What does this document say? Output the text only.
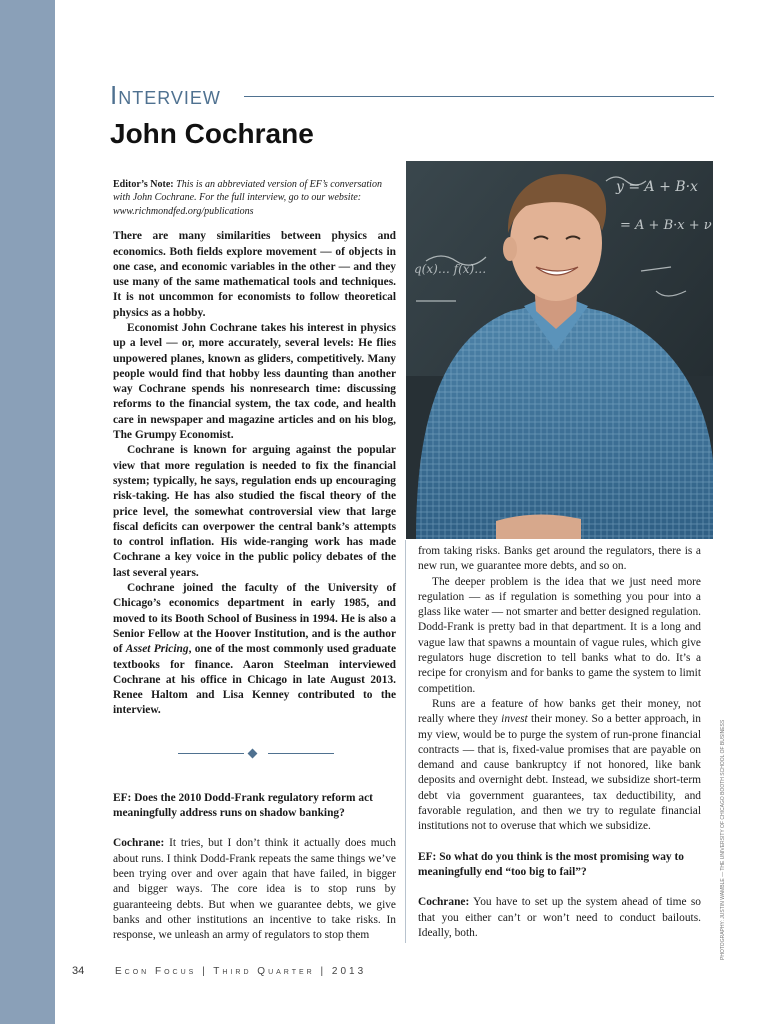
Interview
John Cochrane

Editor’s Note: This is an abbreviated version of EF’s conversation with John Cochrane. For the full interview, go to our website: www.richmondfed.org/publications

There are many similarities between physics and economics. Both fields explore movement — of objects in one case, and economic variables in the other — and they use many of the same mathematical tools and techniques. It is not uncommon for economists to follow theoretical physics as a hobby.

Economist John Cochrane takes his interest in physics up a level — or, more accurately, several levels: He flies unpowered planes, known as gliders, competitively. Many people would find that hobby less daunting than another way Cochrane spends his nonresearch time: discussing reforms to the financial system, the tax code, and health care in newspaper and magazine articles and on his blog, The Grumpy Economist.

Cochrane is known for arguing against the popular view that more regulation is needed to fix the financial system; typically, he says, regulation ends up encouraging risk-taking. He has also studied the fiscal theory of the price level, the somewhat controversial view that large fiscal deficits can overpower the central bank’s attempts to control inflation. His wide-ranging work has made Cochrane a key voice in the public policy debates of the last several years.

Cochrane joined the faculty of the University of Chicago’s economics department in early 1985, and moved to its Booth School of Business in 1994. He is also a Senior Fellow at the Hoover Institution, and is the author of Asset Pricing, one of the most commonly used graduate textbooks for finance. Aaron Steelman interviewed Cochrane at his office in Chicago in late August 2013. Renee Haltom and Lisa Kenney contributed to the interview.

EF: Does the 2010 Dodd-Frank regulatory reform act meaningfully address runs on shadow banking?

Cochrane: It tries, but I don’t think it actually does much about runs. I think Dodd-Frank repeats the same things we’ve been trying over and over again that have failed, in bigger and bigger ways. The core idea is to stop runs by guaranteeing debts. But when we guarantee debts, we give banks and other institutions an incentive to take risks. In response, we unleash an army of regulators to stop them

y = A + B·x
= A + B·x + ν
q(x)… f(x)…

from taking risks. Banks get around the regulators, there is a new run, we guarantee more debts, and so on.

The deeper problem is the idea that we just need more regulation — as if regulation is something you pour into a glass like water — not smarter and better designed regulation. Dodd-Frank is pretty bad in that department. It is a long and vague law that spawns a mountain of vague rules, which give regulators huge discretion to tell banks what to do. It’s a recipe for cronyism and for banks to game the system to limit competition.

Runs are a feature of how banks get their money, not really where they invest their money. So a better approach, in my view, would be to purge the system of run-prone financial contracts — that is, fixed-value promises that are payable on demand and cause bankruptcy if not honored, like bank deposits and overnight debt. Instead, we subsidize short-term debt via government guarantees, tax deductibility, and favorable regulation, and then we try to regulate financial institutions not to overuse that which we subsidize.

EF: So what do you think is the most promising way to meaningfully end “too big to fail”?

Cochrane: You have to set up the system ahead of time so that you either can’t or won’t need to conduct bailouts. Ideally, both.	PHOTOGRAPHY: JUSTIN WAMBLE — THE UNIVERSITY OF CHICAGO BOOTH SCHOOL OF BUSINESS
34	Econ Focus | Third Quarter | 2013
